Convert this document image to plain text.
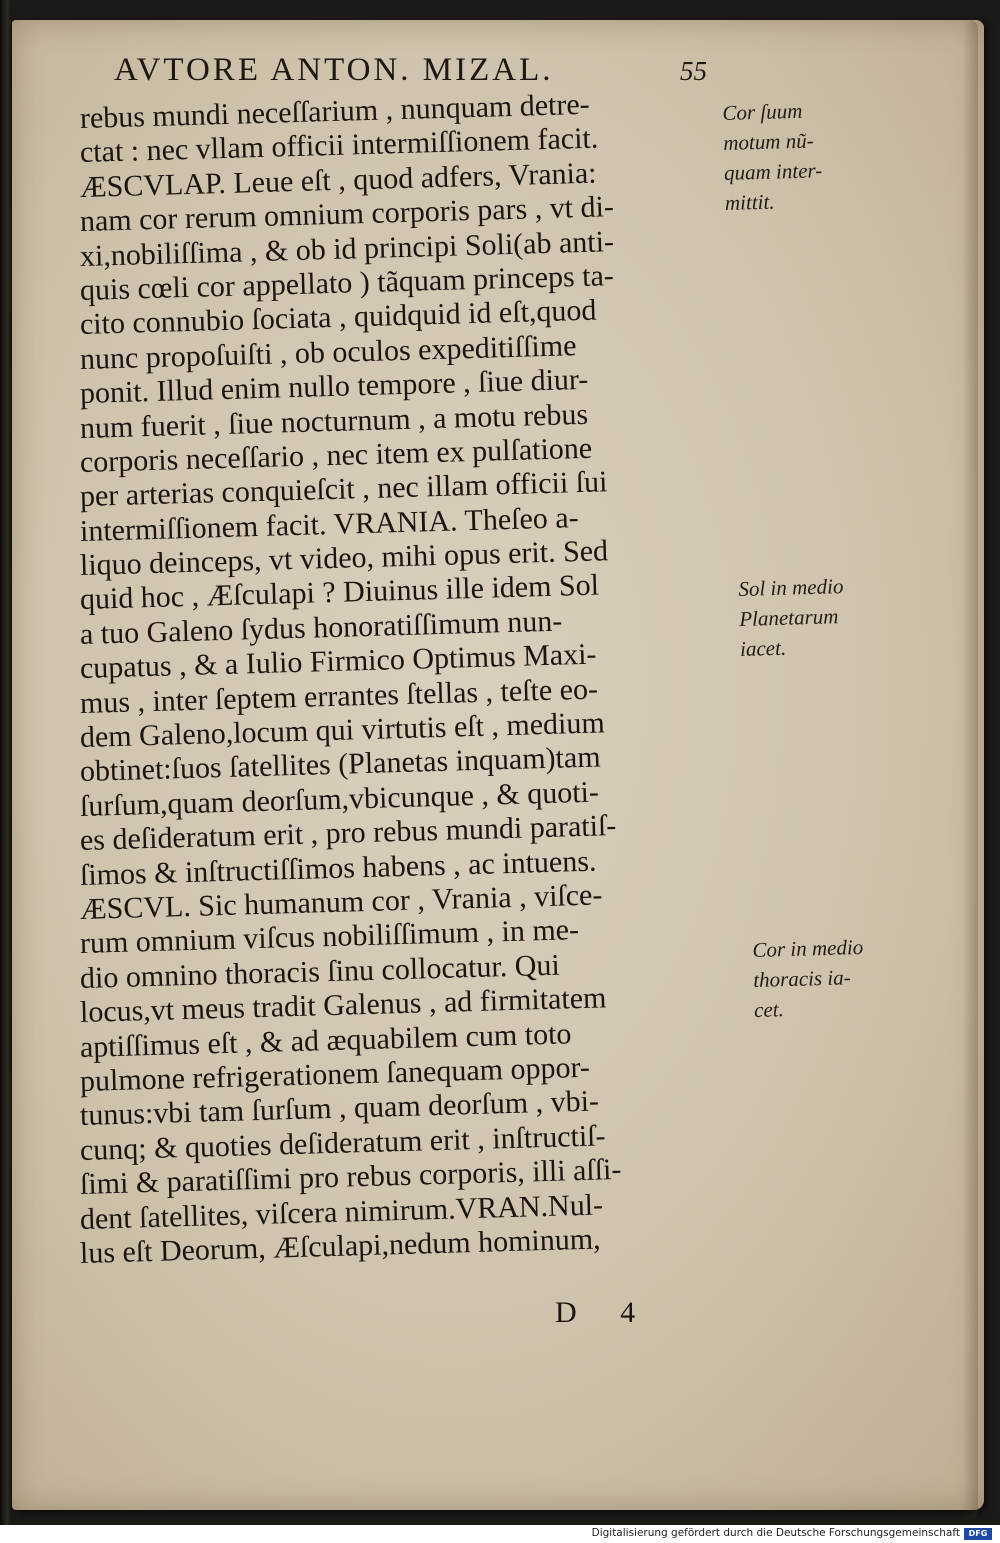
AVTORE ANTON. MIZAL.	55
rebus mundi neceſſarium , nunquam detre-
ctat : nec vllam officii intermiſſionem facit.
ÆSCVLAP. Leue eſt , quod adfers, Vrania:
nam cor rerum omnium corporis pars , vt di-
xi,nobiliſſima , & ob id principi Soli(ab anti-
quis cœli cor appellato ) tãquam princeps ta-
cito connubio ſociata , quidquid id eſt,quod
nunc propoſuiſti , ob oculos expeditiſſime
ponit. Illud enim nullo tempore , ſiue diur-
num fuerit , ſiue nocturnum , a motu rebus
corporis neceſſario , nec item ex pulſatione
per arterias conquieſcit , nec illam officii ſui
intermiſſionem facit. VRANIA. Theſeo a-
liquo deinceps, vt video, mihi opus erit. Sed
quid hoc , Æſculapi ? Diuinus ille idem Sol
a tuo Galeno ſydus honoratiſſimum nun-
cupatus , & a Iulio Firmico Optimus Maxi-
mus , inter ſeptem errantes ſtellas , teſte eo-
dem Galeno,locum qui virtutis eſt , medium
obtinet:ſuos ſatellites (Planetas inquam)tam
ſurſum,quam deorſum,vbicunque , & quoti-
es deſideratum erit , pro rebus mundi paratiſ-
ſimos & inſtructiſſimos habens , ac intuens.
ÆSCVL. Sic humanum cor , Vrania , viſce-
rum omnium viſcus nobiliſſimum , in me-
dio omnino thoracis ſinu collocatur. Qui
locus,vt meus tradit Galenus , ad firmitatem
aptiſſimus eſt , & ad æquabilem cum toto
pulmone refrigerationem ſanequam oppor-
tunus:vbi tam ſurſum , quam deorſum , vbi-
cunq; & quoties deſideratum erit , inſtructiſ-
ſimi & paratiſſimi pro rebus corporis, illi aſſi-
dent ſatellites, viſcera nimirum.VRAN.Nul-
lus eſt Deorum, Æſculapi,nedum hominum,
Cor ſuum
motum nũ-
quam inter-
mittit.
Sol in medio
Planetarum
iacet.
Cor in medio
thoracis ia-
cet.
D 4
Digitalisierung gefördert durch die Deutsche Forschungsgemeinschaft	DFG
